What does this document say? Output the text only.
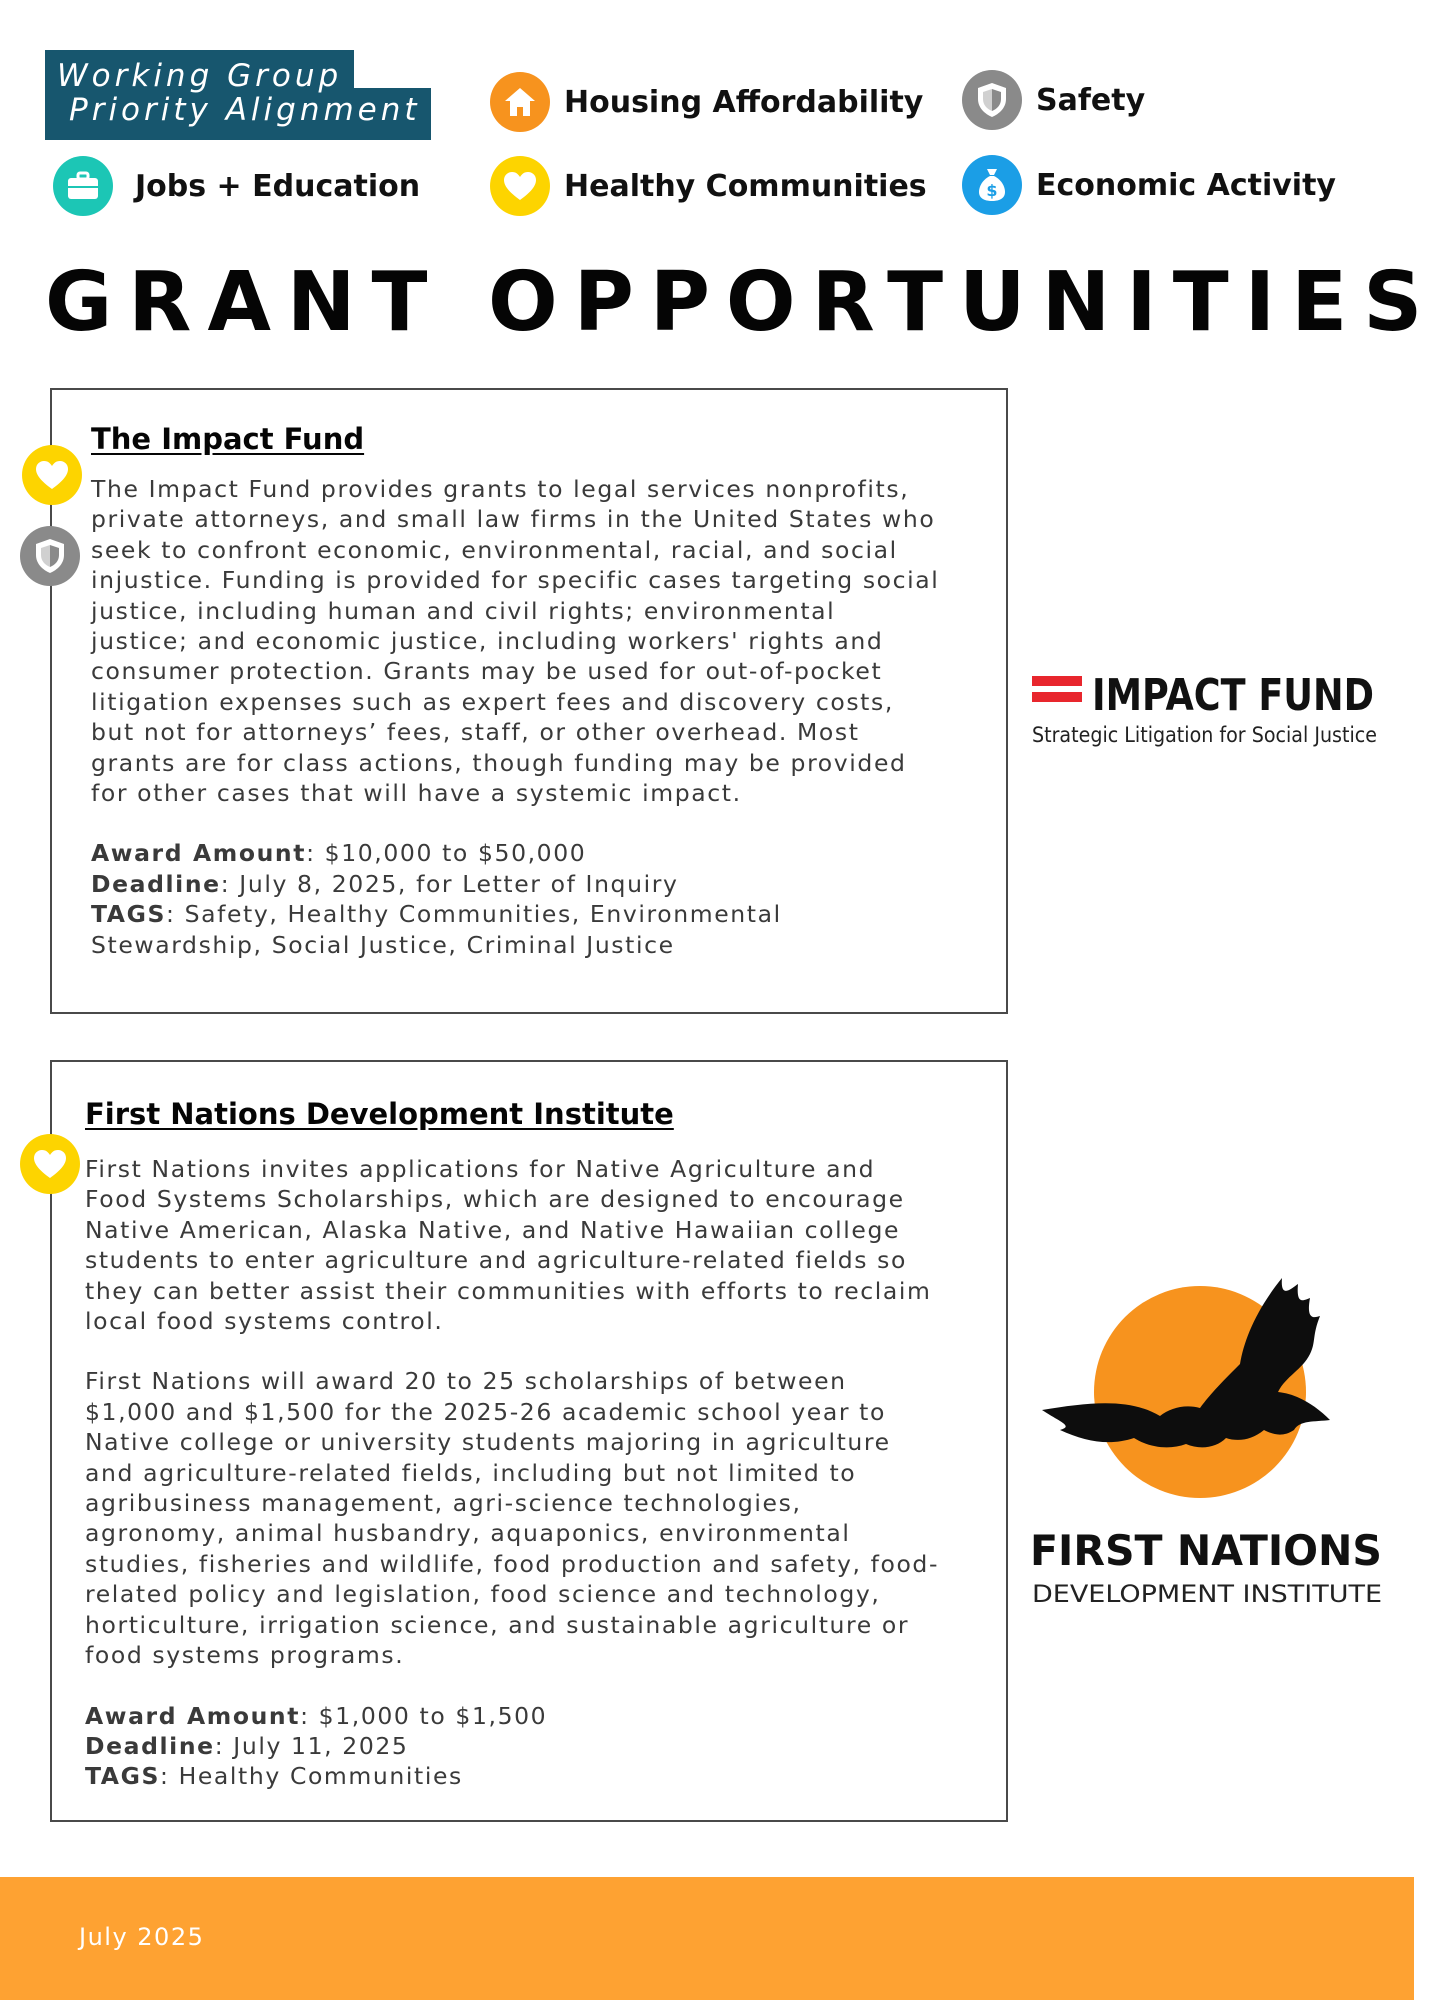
Working Group
Priority Alignment	Housing Affordability	Safety
Jobs + Education	Healthy Communities	$ Economic Activity
GRANT OPPORTUNITIES
The Impact Fund

The Impact Fund provides grants to legal services nonprofits, private attorneys, and small law firms in the United States who seek to confront economic, environmental, racial, and social injustice. Funding is provided for specific cases targeting social justice, including human and civil rights; environmental justice; and economic justice, including workers' rights and consumer protection. Grants may be used for out-of-pocket litigation expenses such as expert fees and discovery costs, but not for attorneys’ fees, staff, or other overhead. Most grants are for class actions, though funding may be provided for other cases that will have a systemic impact.

Award Amount: $10,000 to $50,000
Deadline: July 8, 2025, for Letter of Inquiry
TAGS: Safety, Healthy Communities, Environmental Stewardship, Social Justice, Criminal Justice
IMPACT FUND
Strategic Litigation for Social Justice
First Nations Development Institute

First Nations invites applications for Native Agriculture and Food Systems Scholarships, which are designed to encourage Native American, Alaska Native, and Native Hawaiian college students to enter agriculture and agriculture-related fields so they can better assist their communities with efforts to reclaim local food systems control.

First Nations will award 20 to 25 scholarships of between $1,000 and $1,500 for the 2025-26 academic school year to Native college or university students majoring in agriculture and agriculture-related fields, including but not limited to agribusiness management, agri-science technologies, agronomy, animal husbandry, aquaponics, environmental studies, fisheries and wildlife, food production and safety, food-related policy and legislation, food science and technology, horticulture, irrigation science, and sustainable agriculture or food systems programs.

Award Amount: $1,000 to $1,500
Deadline: July 11, 2025
TAGS: Healthy Communities
FIRST NATIONS
DEVELOPMENT INSTITUTE
July 2025
